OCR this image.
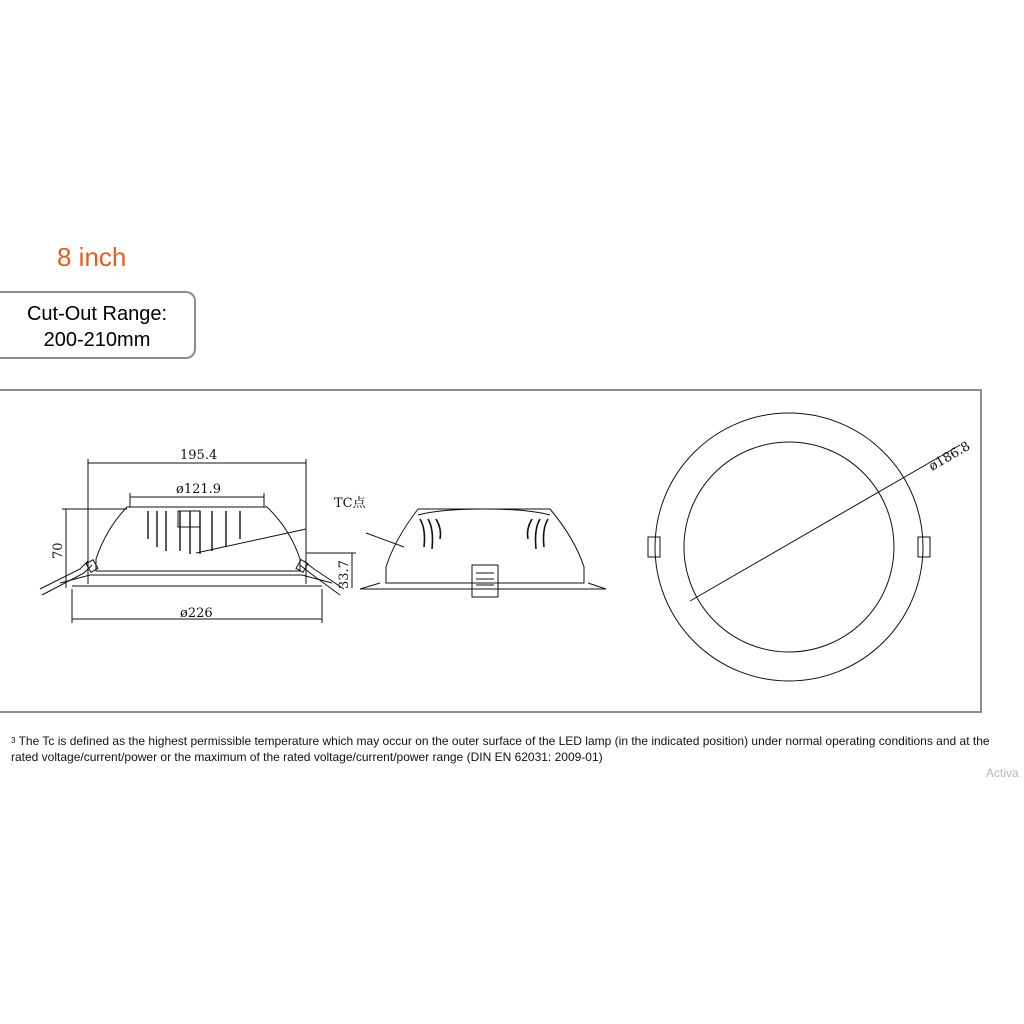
8 inch
Cut-Out Range:
200-210mm
195.4
ø121.9
70
33.7
ø226
TC点
ø186.8
$^3$ The Tc is defined as the highest permissible temperature which may occur on the outer surface of the LED lamp (in the indicated position) under normal operating conditions and at the rated voltage/current/power or the maximum of the rated voltage/current/power range (DIN EN 62031: 2009-01)
Activa
